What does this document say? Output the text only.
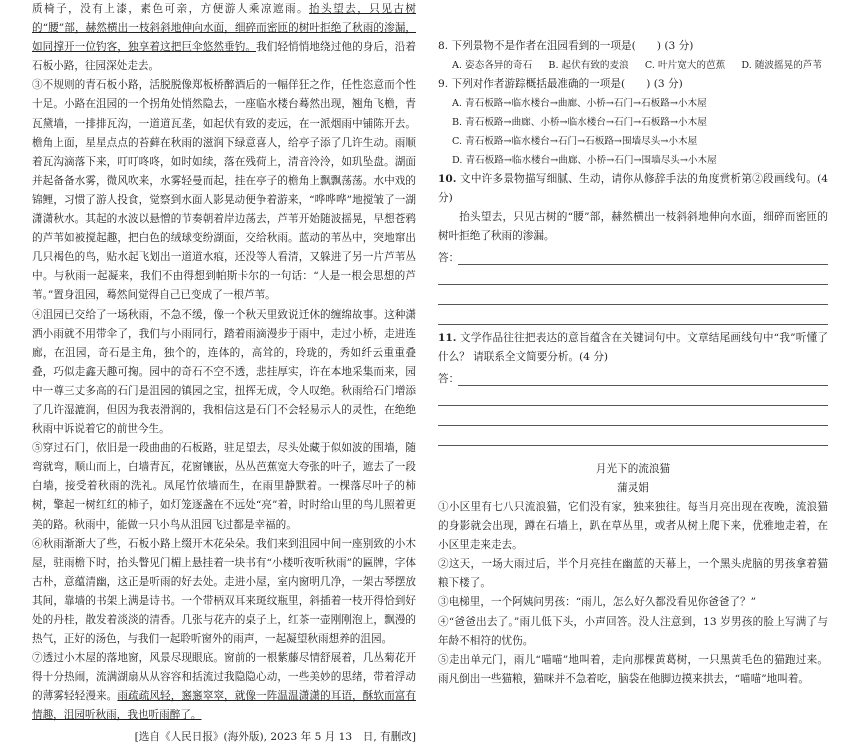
质椅子，没有上漆，素色可亲，方便游人乘凉遮雨。抬头望去，只见古树的“腰”部，赫然横出一枝斜斜地伸向水面，细碎而密匝的树叶拒绝了秋雨的渗漏，如同撑开一位钓客，独享着这把巨伞悠然垂钓。我们轻悄悄地绕过他的身后，沿着石板小路，往园深处走去。

③不规则的青石板小路，活脱脱像郑板桥醉酒后的一幅佯狂之作，任性恣意而个性十足。小路在沮园的一个拐角处悄然隐去，一座临水楼台蓦然出现，翘角飞檐，青瓦黛墙，一排排瓦沟，一道道瓦垄，如起伏有致的麦远，在一派烟雨中铺陈开去。檐角上面，星星点点的苔藓在秋雨的滋润下绿意喜人，给亭子添了几许生动。雨顺着瓦沟滴落下来，叮叮咚咚，如时如续，落在残荷上，清音泠泠，如玑坠盘。湖面并起备备水雾，微风吹来，水雾轻曼而起，挂在亭子的檐角上飘飘荡荡。水中戏的锦鲤，习惯了游人投食，觉察到水面人影晃动便争着游来，“哗哗哗”地搅皱了一湖潇潇秋水。其起的水波以悬憎的节奏朝着岸边荡去，芦苇开始随波摇晃，早想苍鸦的芦苇如被搅起趣，把白色的绒球变纷湖面，交给秋雨。蓝动的苇丛中，突地窜出几只褐色的鸟，贴水起飞划出一道道水痕，还没等人看清，又躲进了另一片芦苇丛中。与秋雨一起凝来，我们不由得想到帕斯卡尔的一句话：“人是一根会思想的芦苇。”置身沮园，蓦然间觉得自己已变成了一根芦苇。

④沮园已交给了一场秋雨，不急不缓，像一个秋天里致说迁休的缠绵故事。这种潇洒小雨就不用带伞了，我们与小雨同行，踏着雨滴漫步于雨中，走过小桥，走进连廊，在沮园，奇石是主角，独个的，连体的，高耸的，玲珑的，秀如纤云重重叠叠，巧似走鑫天趣可掬。园中的奇石不空不透，悲挂厚实，许在本地采集而来，园中一尊三丈多高的石门是沮园的镇园之宝，扭挥无成，令人叹绝。秋雨给石门增添了几许湿漉润，但因为我表滑润的，我相信这是石门不会轻易示人的灵性，在绝绝秋雨中诉说着它的前世今生。

⑤穿过石门，依旧是一段曲曲的石板路，驻足望去，尽头处藏于似如波的围墙，随弯就弯，顺山而上，白墙青瓦，花窗镶嵌，丛丛芭蕉宽大夸张的叶子，遮去了一段白墙，接受着秋雨的洗礼。凤尾竹依墙而生，在雨里静默着。一棵落尽叶子的柿树，擎起一树红红的柿子，如灯笼逐盏在不远处“亮”着，时时给山里的鸟儿照着更美的路。秋雨中，能做一只小鸟从沮园飞过都是幸福的。

⑥秋雨渐渐大了些，石板小路上缀开木花朵朵。我们来到沮园中间一座别致的小木屋，驻雨檐下时，抬头瞥见门楣上悬挂着一块书有“小楼听夜听秋雨”的匾牌，字体古朴，意蕴清幽，这正是听雨的好去处。走进小屋，室内窗明几净，一架古琴摆放其间，靠墙的书架上满是诗书。一个带柄双耳来斑纹瓶里，斜插着一枝开得恰到好处的丹桂，散发着淡淡的清香。几张与花卉的桌子上，红茶一壶刚刚泡上，飘漫的热气，正好的汤色，与我们一起聆听窗外的雨声，一起凝望秋雨想养的沮园。

⑦透过小木屋的落地窗，风景尽现眼底。窗前的一根紫藤尽情舒展着，几丛菊花开得十分热闹，流满湖扇从从容容和括流过我隐隐心动，一些美妙的思绪，带着浮动的薄雾轻轻漫来。雨疏疏风轻，窸窸窣窣，就像一阵温温潇潇的耳语，酥软而富有情趣，沮园听秋雨，我也听雨醉了。

[选自《人民日报》(海外版), 2023 年 5 月 13　日, 有删改]

8. 下列景物不是作者在沮园看到的一项是(　　) (3 分)

A. 姿态各异的奇石 B. 起伏有致的麦浪 C. 叶片宽大的芭蕉 D. 随波摇晃的芦苇

9. 下列对作者游踪概括最准确的一项是(　　) (3 分)

A. 青石板路→临水楼台→曲廊、小桥→石门→石板路→小木屋

B. 青石板路→曲廊、小桥→临水楼台→石门→石板路→小木屋

C. 青石板路→临水楼台→石门→石板路→围墙尽头→小木屋

D. 青石板路→临水楼台→曲廊、小桥→石门→围墙尽头→小木屋

10. 文中许多景物描写细腻、生动，请你从修辞手法的角度赏析第②段画线句。(4 分)

抬头望去，只见古树的“腰”部，赫然横出一枝斜斜地伸向水面，细碎而密匝的树叶拒绝了秋雨的渗漏。

答：

11. 文学作品往往把表达的意旨蕴含在关键词句中。文章结尾画线句中“我”听懂了什么？ 请联系全文简要分析。(4 分)

答：

月光下的流浪猫

蒲灵娟

①小区里有七八只流浪猫，它们没有家，独来独往。每当月亮出现在夜晚，流浪猫的身影就会出现，蹲在石墙上，趴在草丛里，或者从树上爬下来，优雅地走着，在小区里走来走去。

②这天，一场大雨过后，半个月亮挂在幽蓝的天幕上，一个黑头虎脑的男孩拿着猫粮下楼了。

③电梯里，一个阿姨问男孩：“雨儿，怎么好久都没看见你爸爸了？”

④“爸爸出去了。”雨儿低下头，小声回答。没人注意到，13 岁男孩的脸上写满了与年龄不相符的忧伤。

⑤走出单元门，雨儿“喵喵”地叫着，走向那棵黄葛树，一只黑黄毛色的猫跑过来。雨凡倒出一些猫粮，猫咪并不急着吃，脑袋在他脚边摸来拱去，“喵喵”地叫着。
